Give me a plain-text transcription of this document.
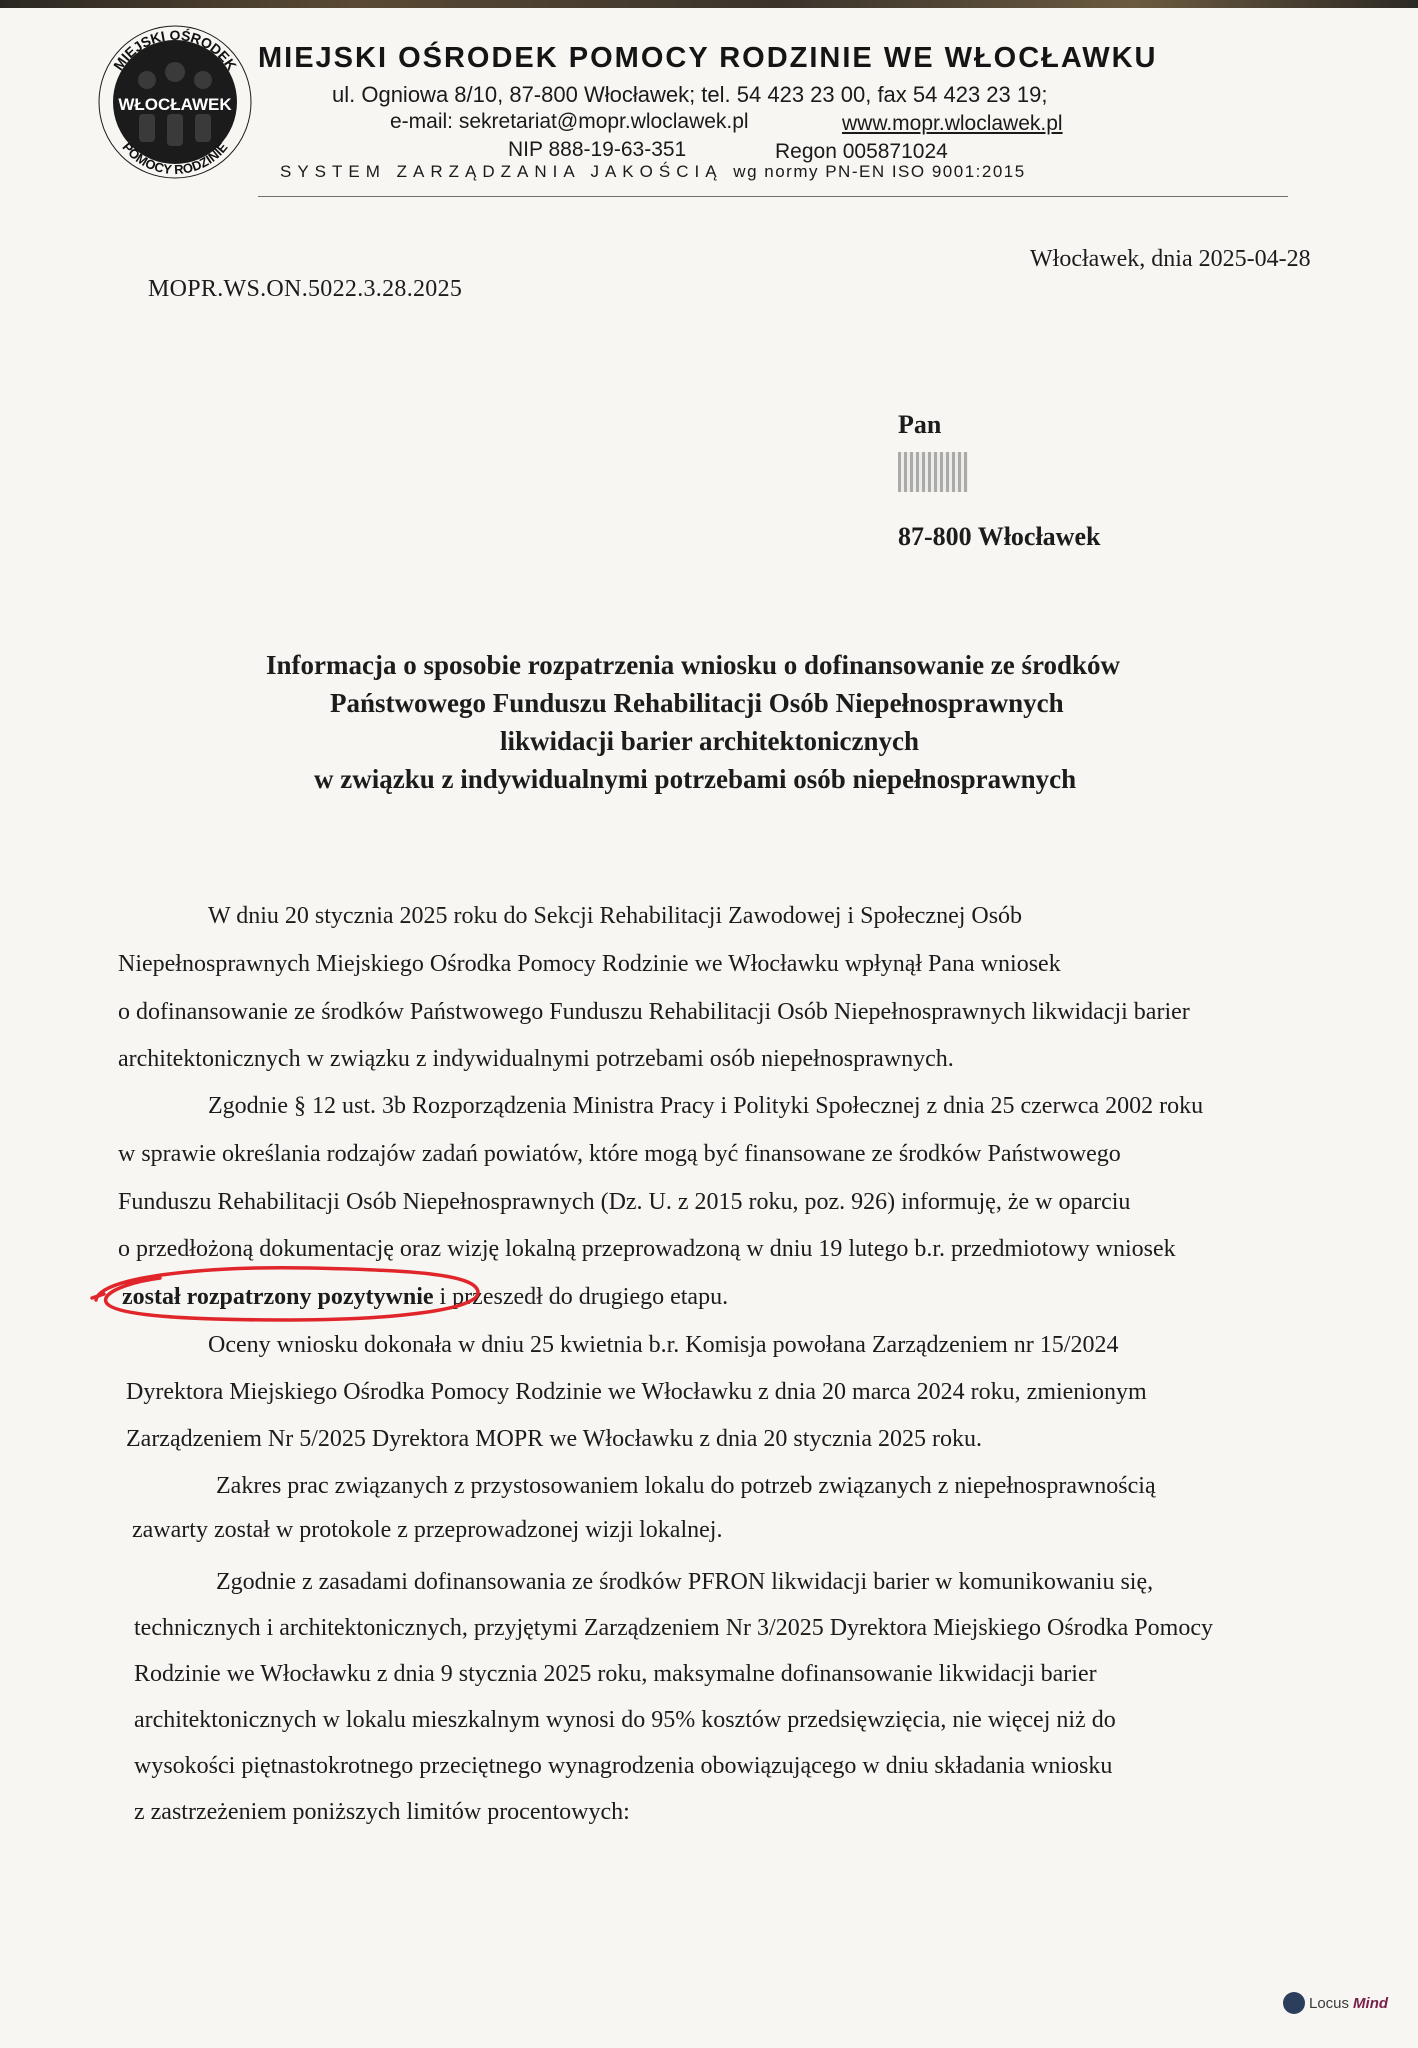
MIEJSKI OŚRODEK
POMOCY RODZINIE
WŁOCŁAWEK
MIEJSKI OŚRODEK POMOCY RODZINIE WE WŁOCŁAWKU
ul. Ogniowa 8/10, 87-800 Włocławek; tel. 54 423 23 00, fax 54 423 23 19;
e-mail: sekretariat@mopr.wloclawek.pl	www.mopr.wloclawek.pl
NIP 888-19-63-351	Regon 005871024
SYSTEM ZARZĄDZANIA JAKOŚCIĄ wg normy PN-EN ISO 9001:2015
Włocławek, dnia 2025-04-28
MOPR.WS.ON.5022.3.28.2025
Pan
87-800 Włocławek
Informacja o sposobie rozpatrzenia wniosku o dofinansowanie ze środków
Państwowego Funduszu Rehabilitacji Osób Niepełnosprawnych
likwidacji barier architektonicznych
w związku z indywidualnymi potrzebami osób niepełnosprawnych
W dniu 20 stycznia 2025 roku do Sekcji Rehabilitacji Zawodowej i Społecznej Osób
Niepełnosprawnych Miejskiego Ośrodka Pomocy Rodzinie we Włocławku wpłynął Pana wniosek
o dofinansowanie ze środków Państwowego Funduszu Rehabilitacji Osób Niepełnosprawnych likwidacji barier
architektonicznych w związku z indywidualnymi potrzebami osób niepełnosprawnych.
Zgodnie § 12 ust. 3b Rozporządzenia Ministra Pracy i Polityki Społecznej z dnia 25 czerwca 2002 roku
w sprawie określania rodzajów zadań powiatów, które mogą być finansowane ze środków Państwowego
Funduszu Rehabilitacji Osób Niepełnosprawnych (Dz. U. z 2015 roku, poz. 926) informuję, że w oparciu
o przedłożoną dokumentację oraz wizję lokalną przeprowadzoną w dniu 19 lutego b.r. przedmiotowy wniosek
został rozpatrzony pozytywnie i przeszedł do drugiego etapu.
Oceny wniosku dokonała w dniu 25 kwietnia b.r. Komisja powołana Zarządzeniem nr 15/2024
Dyrektora Miejskiego Ośrodka Pomocy Rodzinie we Włocławku z dnia 20 marca 2024 roku, zmienionym
Zarządzeniem Nr 5/2025 Dyrektora MOPR we Włocławku z dnia 20 stycznia 2025 roku.
Zakres prac związanych z przystosowaniem lokalu do potrzeb związanych z niepełnosprawnością
zawarty został w protokole z przeprowadzonej wizji lokalnej.
Zgodnie z zasadami dofinansowania ze środków PFRON likwidacji barier w komunikowaniu się,
technicznych i architektonicznych, przyjętymi Zarządzeniem Nr 3/2025 Dyrektora Miejskiego Ośrodka Pomocy
Rodzinie we Włocławku z dnia 9 stycznia 2025 roku, maksymalne dofinansowanie likwidacji barier
architektonicznych w lokalu mieszkalnym wynosi do 95% kosztów przedsięwzięcia, nie więcej niż do
wysokości piętnastokrotnego przeciętnego wynagrodzenia obowiązującego w dniu składania wniosku
z zastrzeżeniem poniższych limitów procentowych:
Locus Mind
